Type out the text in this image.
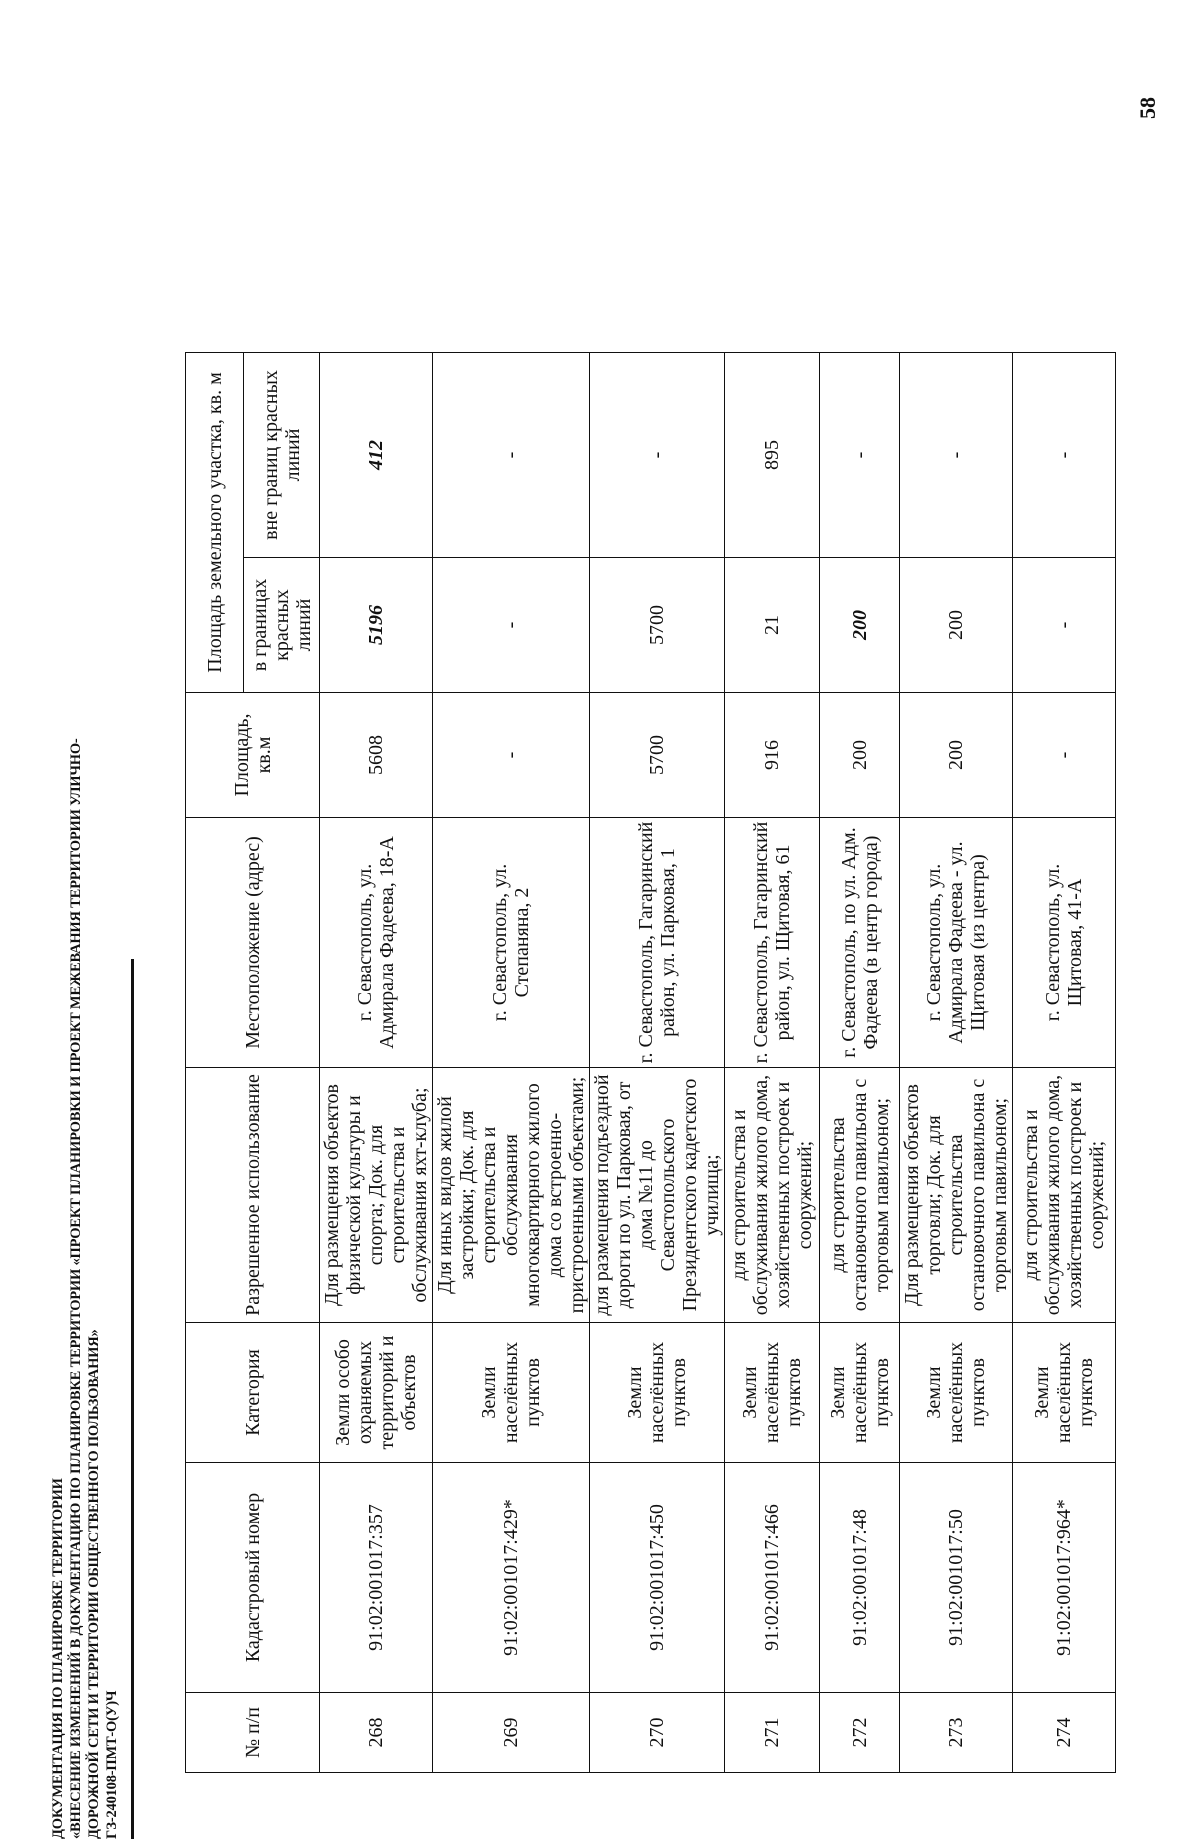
58
ДОКУМЕНТАЦИЯ ПО ПЛАНИРОВКЕ ТЕРРИТОРИИ «ВНЕСЕНИЕ ИЗМЕНЕНИЙ В ДОКУМЕНТАЦИЮ ПО ПЛАНИРОВКЕ ТЕРРИТОРИИ «ПРОЕКТ ПЛАНИРОВКИ И ПРОЕКТ МЕЖЕВАНИЯ ТЕРРИТОРИИ УЛИЧНО- ДОРОЖНОЙ СЕТИ И ТЕРРИТОРИИ ОБЩЕСТВЕННОГО ПОЛЬЗОВАНИЯ» ГЗ-240108-ПМТ-О(У)Ч	№ п/п	Кадастровый номер	Категория	Разрешенное использование	Местоположение (адрес)	Площадь, кв.м	Площадь земельного участка, кв. м	
						в границах красных линий	вне границ красных линий
268	91:02:001017:357	Земли особо охраняемых территорий и объектов	Для размещения объектов физической культуры и спорта; Док. для строительства и обслуживания яхт-клуба;	г. Севастополь, ул. Адмирала Фадеева, 18-А	5608	5196	412
269	91:02:001017:429*	Земли населённых пунктов	Для иных видов жилой застройки; Док. для строительства и обслуживания многоквартирного жилого дома со встроенно-пристроенными объектами;	г. Севастополь, ул. Степаняна, 2	-	-	-
270	91:02:001017:450	Земли населённых пунктов	для размещения подъездной дороги по ул. Парковая, от дома №11 до Севастопольского Президентского кадетского училища;	г. Севастополь, Гагаринский район, ул. Парковая, 1	5700	5700	-
271	91:02:001017:466	Земли населённых пунктов	для строительства и обслуживания жилого дома, хозяйственных построек и сооружений;	г. Севастополь, Гагаринский район, ул. Щитовая, 61	916	21	895
272	91:02:001017:48	Земли населённых пунктов	для строительства остановочного павильона с торговым павильоном;	г. Севастополь, по ул. Адм. Фадеева (в центр города)	200	200	-
273	91:02:001017:50	Земли населённых пунктов	Для размещения объектов торговли; Док. для строительства остановочного павильона с торговым павильоном;	г. Севастополь, ул. Адмирала Фадеева - ул. Щитовая (из центра)	200	200	-
274	91:02:001017:964*	Земли населённых пунктов	для строительства и обслуживания жилого дома, хозяйственных построек и сооружений;	г. Севастополь, ул. Щитовая, 41-А	-	-	-
